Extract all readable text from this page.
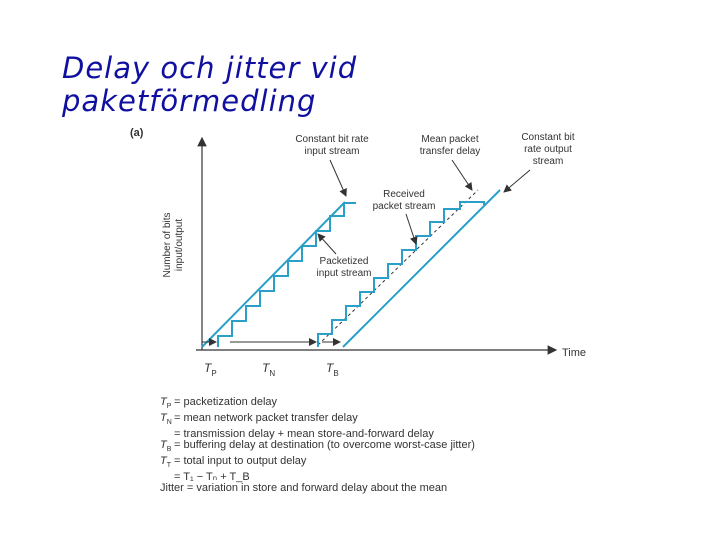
Delay och jitter vid
paketförmedling
(a)
Number of bits input/output
Time
Constant bit rate
input stream
Mean packet
transfer delay
Constant bit
rate output
stream
Received
packet stream
Packetized
input stream
$T_P$	$T_N$	$T_B$
$T_P$ = packetization delay
$T_N$ = mean network packet transfer delay
= transmission delay + mean store-and-forward delay
$T_B$ = buffering delay at destination (to overcome worst-case jitter)
$T_T$ = total input to output delay
= T₁ − Tₙ + T_B
Jitter = variation in store and forward delay about the mean
